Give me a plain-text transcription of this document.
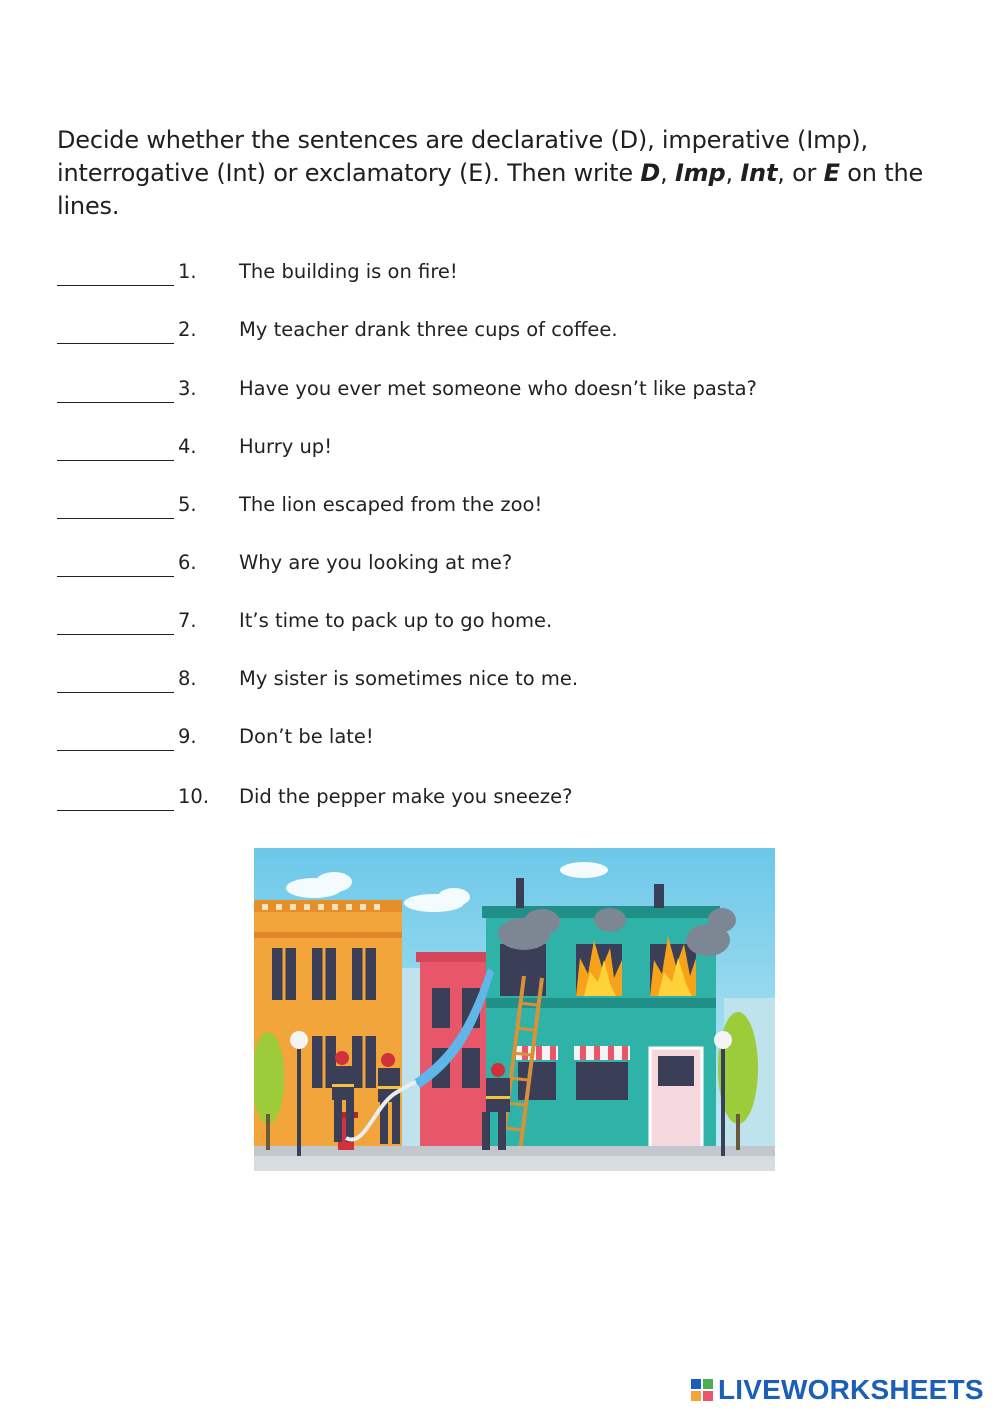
Decide whether the sentences are declarative (D), imperative (Imp), interrogative (Int) or exclamatory (E). Then write D, Imp, Int, or E on the lines.
1. The building is on fire!
2. My teacher drank three cups of coffee.
3. Have you ever met someone who doesn’t like pasta?
4. Hurry up!
5. The lion escaped from the zoo!
6. Why are you looking at me?
7. It’s time to pack up to go home.
8. My sister is sometimes nice to me.
9. Don’t be late!
10. Did the pepper make you sneeze?
LIVEWORKSHEETS
